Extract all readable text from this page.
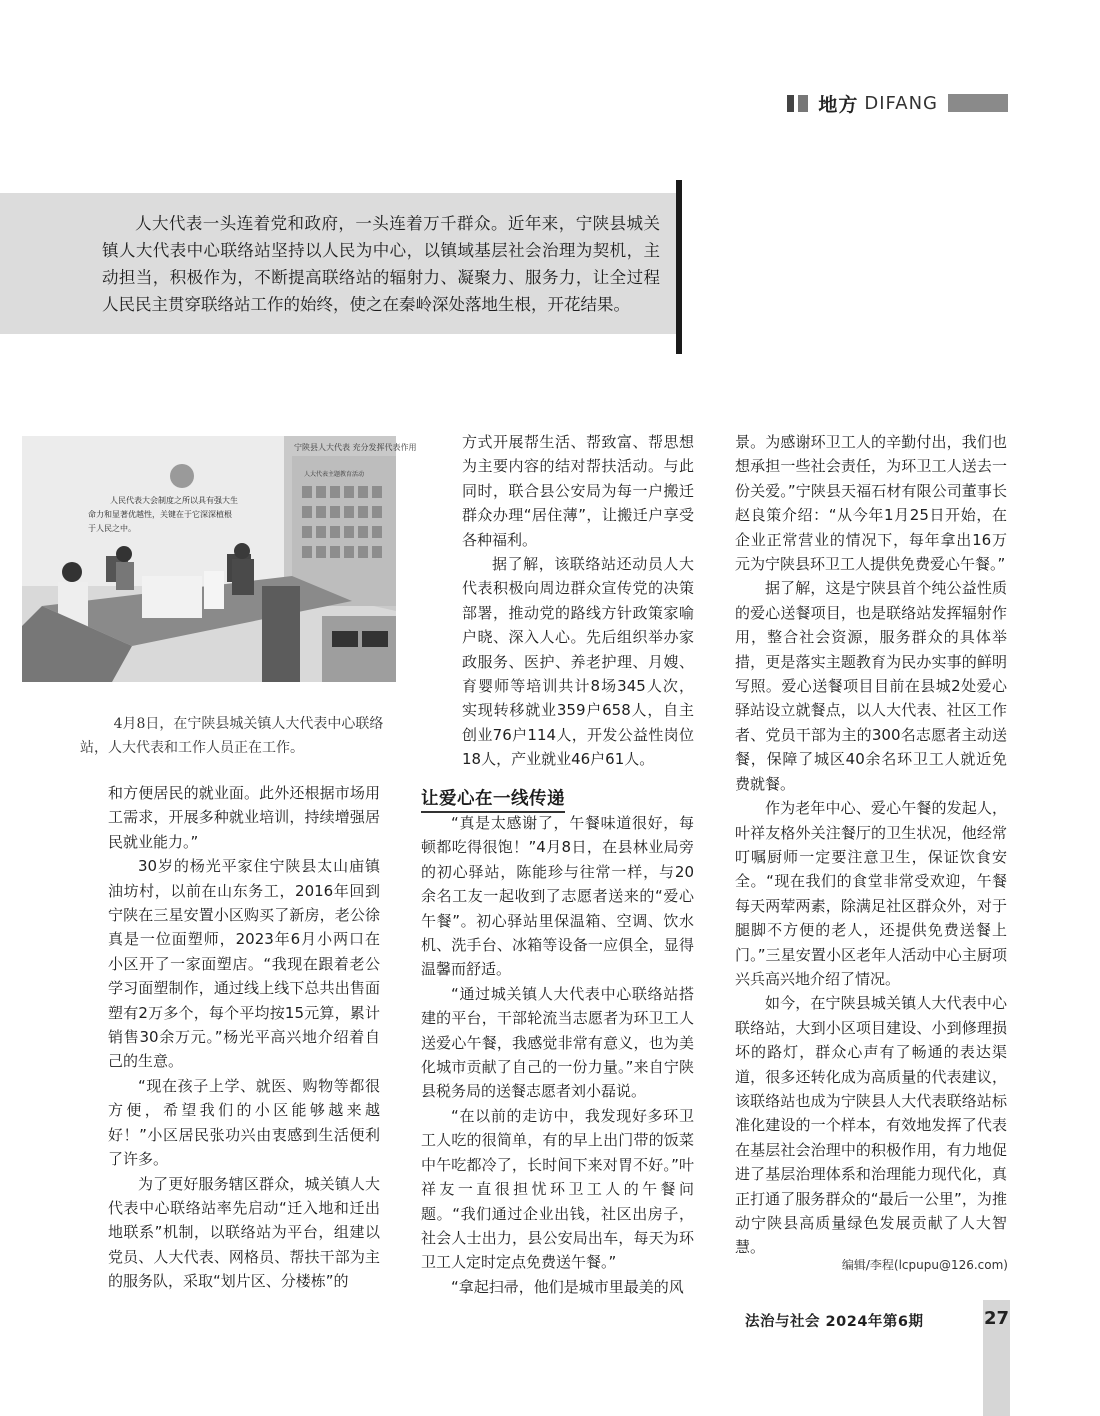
地方 DIFANG
人大代表一头连着党和政府，一头连着万千群众。近年来，宁陕县城关镇人大代表中心联络站坚持以人民为中心，以镇域基层社会治理为契机，主动担当，积极作为，不断提高联络站的辐射力、凝聚力、服务力，让全过程人民民主贯穿联络站工作的始终，使之在秦岭深处落地生根，开花结果。
宁陕县人大代表 充分发挥代表作用
人大代表主题教育活动
人民代表大会制度之所以具有强大生
命力和显著优越性，关键在于它深深植根
于人民之中。
4月8日，在宁陕县城关镇人大代表中心联络站，人大代表和工作人员正在工作。

和方便居民的就业面。此外还根据市场用工需求，开展多种就业培训，持续增强居民就业能力。”

30岁的杨光平家住宁陕县太山庙镇油坊村，以前在山东务工，2016年回到宁陕在三星安置小区购买了新房，老公徐真是一位面塑师，2023年6月小两口在小区开了一家面塑店。“我现在跟着老公学习面塑制作，通过线上线下总共出售面塑有2万多个，每个平均按15元算，累计销售30余万元。”杨光平高兴地介绍着自己的生意。

“现在孩子上学、就医、购物等都很方便，希望我们的小区能够越来越好！”小区居民张功兴由衷感到生活便利了许多。

为了更好服务辖区群众，城关镇人大代表中心联络站率先启动“迁入地和迁出地联系”机制，以联络站为平台，组建以党员、人大代表、网格员、帮扶干部为主的服务队，采取“划片区、分楼栋”的

方式开展帮生活、帮致富、帮思想为主要内容的结对帮扶活动。与此同时，联合县公安局为每一户搬迁群众办理“居住薄”，让搬迁户享受各种福利。

据了解，该联络站还动员人大代表积极向周边群众宣传党的决策部署，推动党的路线方针政策家喻户晓、深入人心。先后组织举办家政服务、医护、养老护理、月嫂、育婴师等培训共计8场345人次，实现转移就业359户658人，自主创业76户114人，开发公益性岗位18人，产业就业46户61人。

让爱心在一线传递

“真是太感谢了，午餐味道很好，每顿都吃得很饱！”4月8日，在县林业局旁的初心驿站，陈能珍与往常一样，与20余名工友一起收到了志愿者送来的“爱心午餐”。初心驿站里保温箱、空调、饮水机、洗手台、冰箱等设备一应俱全，显得温馨而舒适。

“通过城关镇人大代表中心联络站搭建的平台，干部轮流当志愿者为环卫工人送爱心午餐，我感觉非常有意义，也为美化城市贡献了自己的一份力量。”来自宁陕县税务局的送餐志愿者刘小磊说。

“在以前的走访中，我发现好多环卫工人吃的很简单，有的早上出门带的饭菜中午吃都冷了，长时间下来对胃不好。”叶祥友一直很担忧环卫工人的午餐问题。“我们通过企业出钱，社区出房子，社会人士出力，县公安局出车，每天为环卫工人定时定点免费送午餐。”

“拿起扫帚，他们是城市里最美的风

景。为感谢环卫工人的辛勤付出，我们也想承担一些社会责任，为环卫工人送去一份关爱。”宁陕县天福石材有限公司董事长赵良策介绍：“从今年1月25日开始，在企业正常营业的情况下，每年拿出16万元为宁陕县环卫工人提供免费爱心午餐。”

据了解，这是宁陕县首个纯公益性质的爱心送餐项目，也是联络站发挥辐射作用，整合社会资源，服务群众的具体举措，更是落实主题教育为民办实事的鲜明写照。爱心送餐项目目前在县城2处爱心驿站设立就餐点，以人大代表、社区工作者、党员干部为主的300名志愿者主动送餐，保障了城区40余名环卫工人就近免费就餐。

作为老年中心、爱心午餐的发起人，叶祥友格外关注餐厅的卫生状况，他经常叮嘱厨师一定要注意卫生，保证饮食安全。“现在我们的食堂非常受欢迎，午餐每天两荤两素，除满足社区群众外，对于腿脚不方便的老人，还提供免费送餐上门。”三星安置小区老年人活动中心主厨项兴兵高兴地介绍了情况。

如今，在宁陕县城关镇人大代表中心联络站，大到小区项目建设、小到修理损坏的路灯，群众心声有了畅通的表达渠道，很多还转化成为高质量的代表建议，该联络站也成为宁陕县人大代表联络站标准化建设的一个样本，有效地发挥了代表在基层社会治理中的积极作用，有力地促进了基层治理体系和治理能力现代化，真正打通了服务群众的“最后一公里”，为推动宁陕县高质量绿色发展贡献了人大智慧。

编辑/李程(lcpupu@126.com)
法治与社会 2024年第6期	27
